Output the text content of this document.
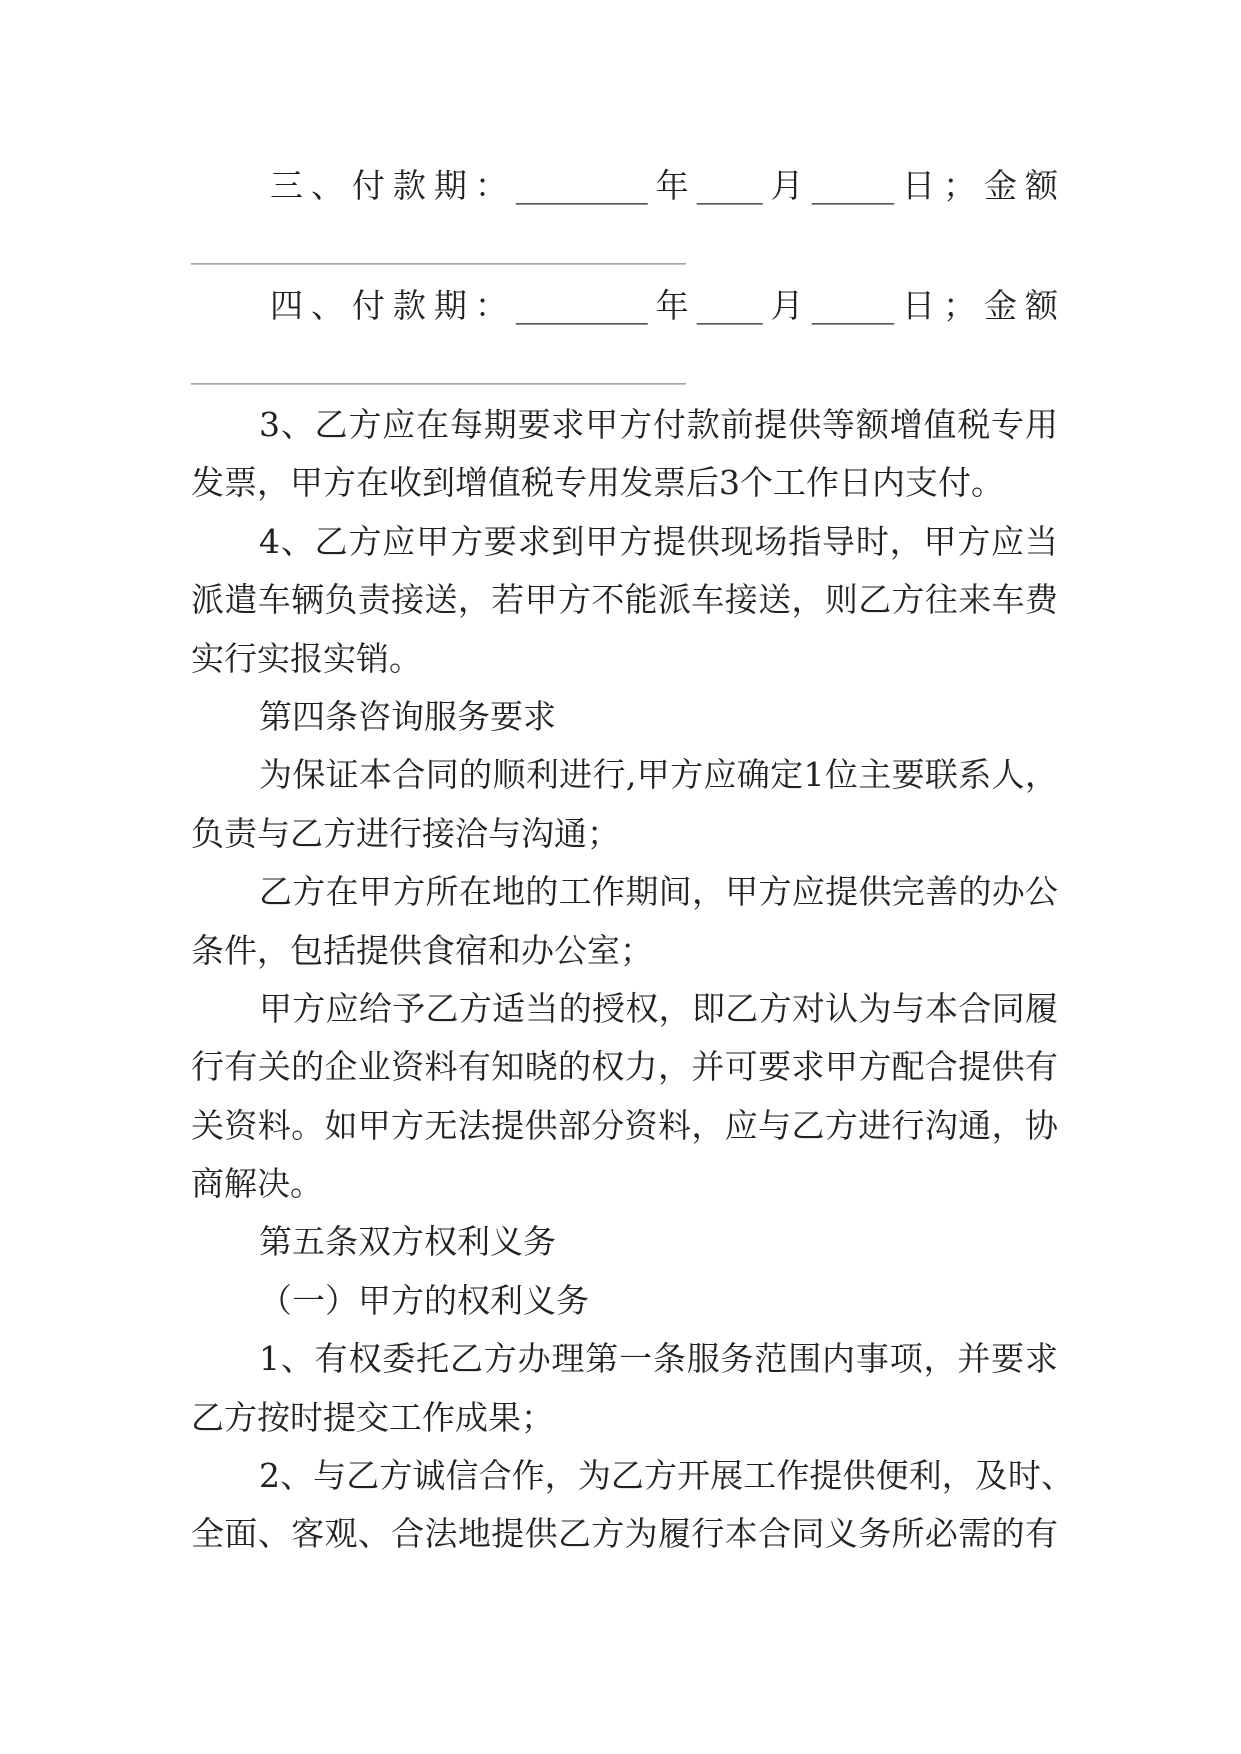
三、付款期：________年____月_____日；金额
______________________________
四、付款期：________年____月_____日；金额
______________________________
3、乙方应在每期要求甲方付款前提供等额增值税专用
发票，甲方在收到增值税专用发票后3个工作日内支付。
4、乙方应甲方要求到甲方提供现场指导时，甲方应当
派遣车辆负责接送，若甲方不能派车接送，则乙方往来车费
实行实报实销。
第四条咨询服务要求
为保证本合同的顺利进行,甲方应确定1位主要联系人，
负责与乙方进行接洽与沟通；
乙方在甲方所在地的工作期间，甲方应提供完善的办公
条件，包括提供食宿和办公室；
甲方应给予乙方适当的授权，即乙方对认为与本合同履
行有关的企业资料有知晓的权力，并可要求甲方配合提供有
关资料。如甲方无法提供部分资料，应与乙方进行沟通，协
商解决。
第五条双方权利义务
（一）甲方的权利义务
1、有权委托乙方办理第一条服务范围内事项，并要求
乙方按时提交工作成果；
2、与乙方诚信合作，为乙方开展工作提供便利，及时、
全面、客观、合法地提供乙方为履行本合同义务所必需的有
